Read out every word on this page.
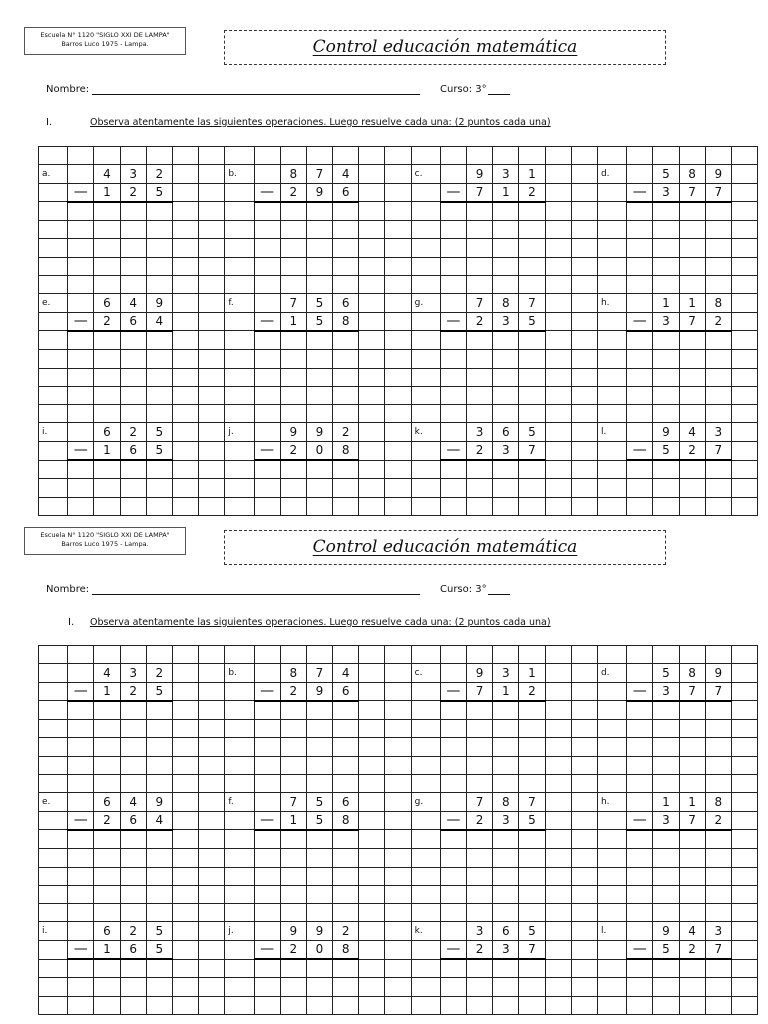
Escuela N° 1120 "SIGLO XXI DE LAMPA"
Barros Luco 1975 - Lampa.	Control educación matemática
Nombre:	Curso: 3°
I.	Observa atentamente las siguientes operaciones. Luego resuelve cada una: (2 puntos cada una)

a.		4	3	2			b.		8	7	4			c.		9	3	1			d.		5	8	9	
	—	1	2	5				—	2	9	6				—	7	1	2				—	3	7	7	

e.		6	4	9			f.		7	5	6			g.		7	8	7			h.		1	1	8	
	—	2	6	4				—	1	5	8				—	2	3	5				—	3	7	2	

i.		6	2	5			j.		9	9	2			k.		3	6	5			l.		9	4	3	
	—	1	6	5				—	2	0	8				—	2	3	7				—	5	2	7	

Escuela N° 1120 "SIGLO XXI DE LAMPA"
Barros Luco 1975 - Lampa.	Control educación matemática
Nombre:	Curso: 3°
I. Observa atentamente las siguientes operaciones. Luego resuelve cada una: (2 puntos cada una)

		4	3	2			b.		8	7	4			c.		9	3	1			d.		5	8	9	
	—	1	2	5				—	2	9	6				—	7	1	2				—	3	7	7	

e.		6	4	9			f.		7	5	6			g.		7	8	7			h.		1	1	8	
	—	2	6	4				—	1	5	8				—	2	3	5				—	3	7	2	

i.		6	2	5			j.		9	9	2			k.		3	6	5			l.		9	4	3	
	—	1	6	5				—	2	0	8				—	2	3	7				—	5	2	7	
